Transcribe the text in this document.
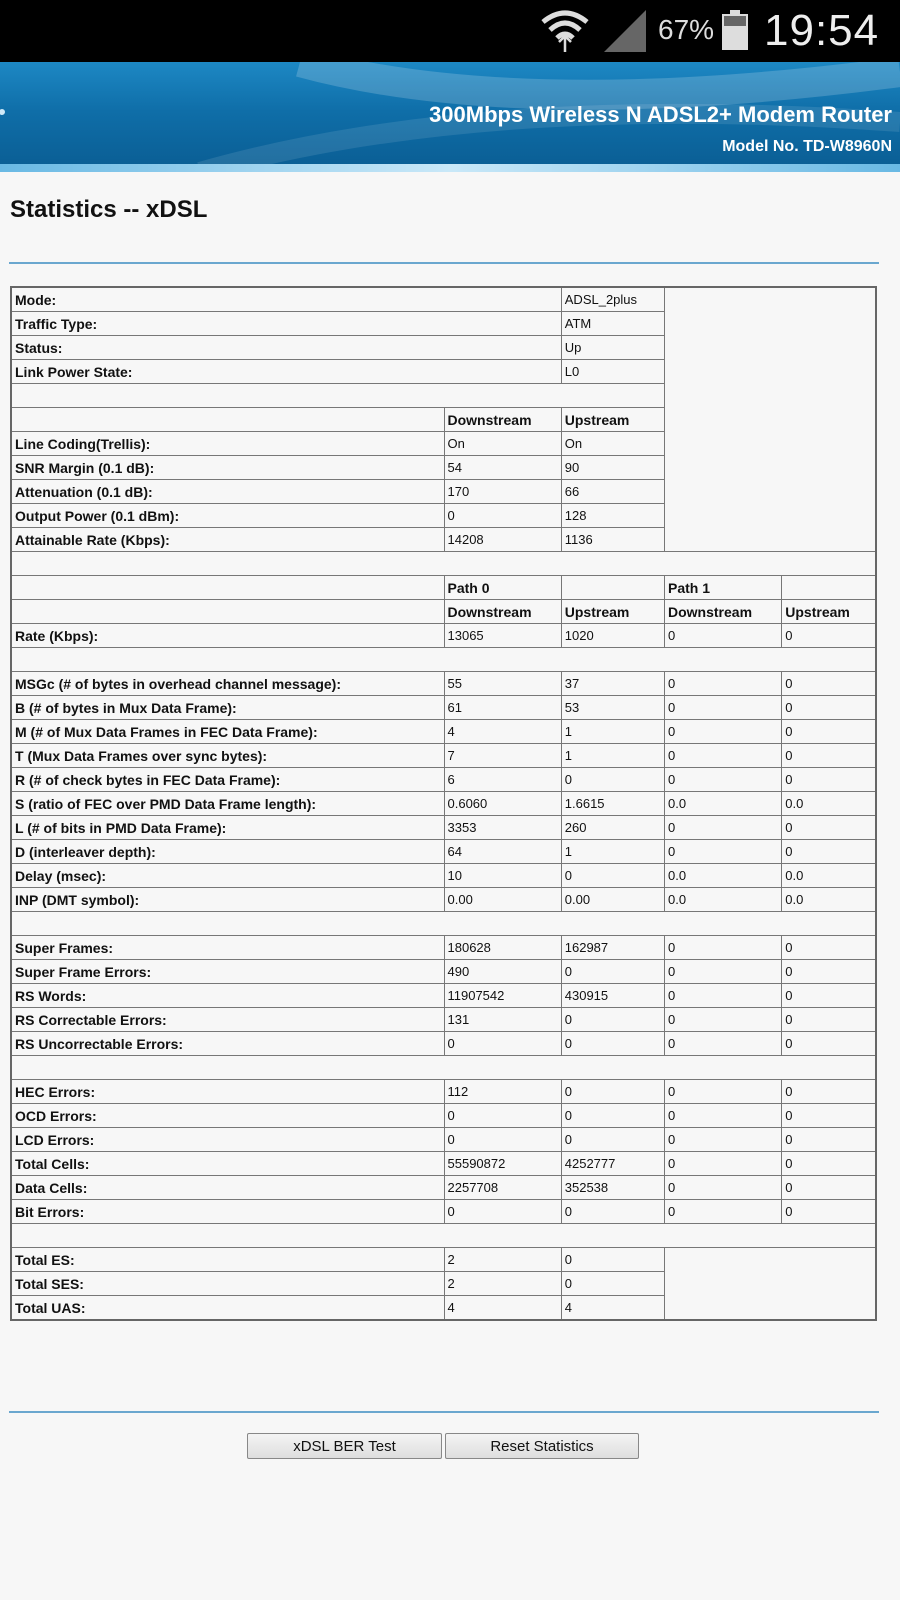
67% 19:54
300Mbps Wireless N ADSL2+ Modem Router
Model No. TD-W8960N
Statistics -- xDSL
Mode:		ADSL_2plus		
Traffic Type:		ATM		
Status:		Up		
Link Power State:		L0		

	Downstream	Upstream		
Line Coding(Trellis):	On	On		
SNR Margin (0.1 dB):	54	90		
Attenuation (0.1 dB):	170	66		
Output Power (0.1 dBm):	0	128		
Attainable Rate (Kbps):	14208	1136		

	Path 0		Path 1	
	Downstream	Upstream	Downstream	Upstream
Rate (Kbps):	13065	1020	0	0

MSGc (# of bytes in overhead channel message):	55	37	0	0
B (# of bytes in Mux Data Frame):	61	53	0	0
M (# of Mux Data Frames in FEC Data Frame):	4	1	0	0
T (Mux Data Frames over sync bytes):	7	1	0	0
R (# of check bytes in FEC Data Frame):	6	0	0	0
S (ratio of FEC over PMD Data Frame length):	0.6060	1.6615	0.0	0.0
L (# of bits in PMD Data Frame):	3353	260	0	0
D (interleaver depth):	64	1	0	0
Delay (msec):	10	0	0.0	0.0
INP (DMT symbol):	0.00	0.00	0.0	0.0

Super Frames:	180628	162987	0	0
Super Frame Errors:	490	0	0	0
RS Words:	11907542	430915	0	0
RS Correctable Errors:	131	0	0	0
RS Uncorrectable Errors:	0	0	0	0

HEC Errors:	112	0	0	0
OCD Errors:	0	0	0	0
LCD Errors:	0	0	0	0
Total Cells:	55590872	4252777	0	0
Data Cells:	2257708	352538	0	0
Bit Errors:	0	0	0	0

Total ES:	2	0		
Total SES:	2	0		
Total UAS:	4	4		
xDSL BER Test	Reset Statistics
